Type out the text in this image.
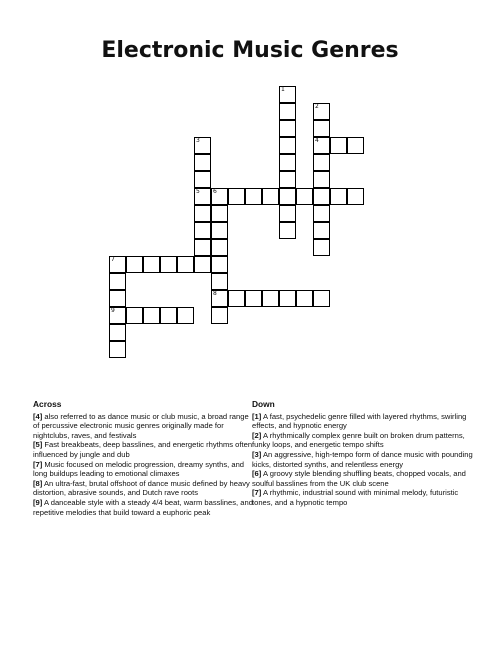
Electronic Music Genres
1
2
4
3
5 6
8
7
9
Across

[4] also referred to as dance music or club music, a broad range of percussive electronic music genres originally made for nightclubs, raves, and festivals

[5] Fast breakbeats, deep basslines, and energetic rhythms often influenced by jungle and dub

[7] Music focused on melodic progression, dreamy synths, and long buildups leading to emotional climaxes

[8] An ultra-fast, brutal offshoot of dance music defined by heavy distortion, abrasive sounds, and Dutch rave roots

[9] A danceable style with a steady 4/4 beat, warm basslines, and repetitive melodies that build toward a euphoric peak

Down

[1] A fast, psychedelic genre filled with layered rhythms, swirling effects, and hypnotic energy

[2] A rhythmically complex genre built on broken drum patterns, funky loops, and energetic tempo shifts

[3] An aggressive, high-tempo form of dance music with pounding kicks, distorted synths, and relentless energy

[6] A groovy style blending shuffling beats, chopped vocals, and soulful basslines from the UK club scene

[7] A rhythmic, industrial sound with minimal melody, futuristic tones, and a hypnotic tempo
